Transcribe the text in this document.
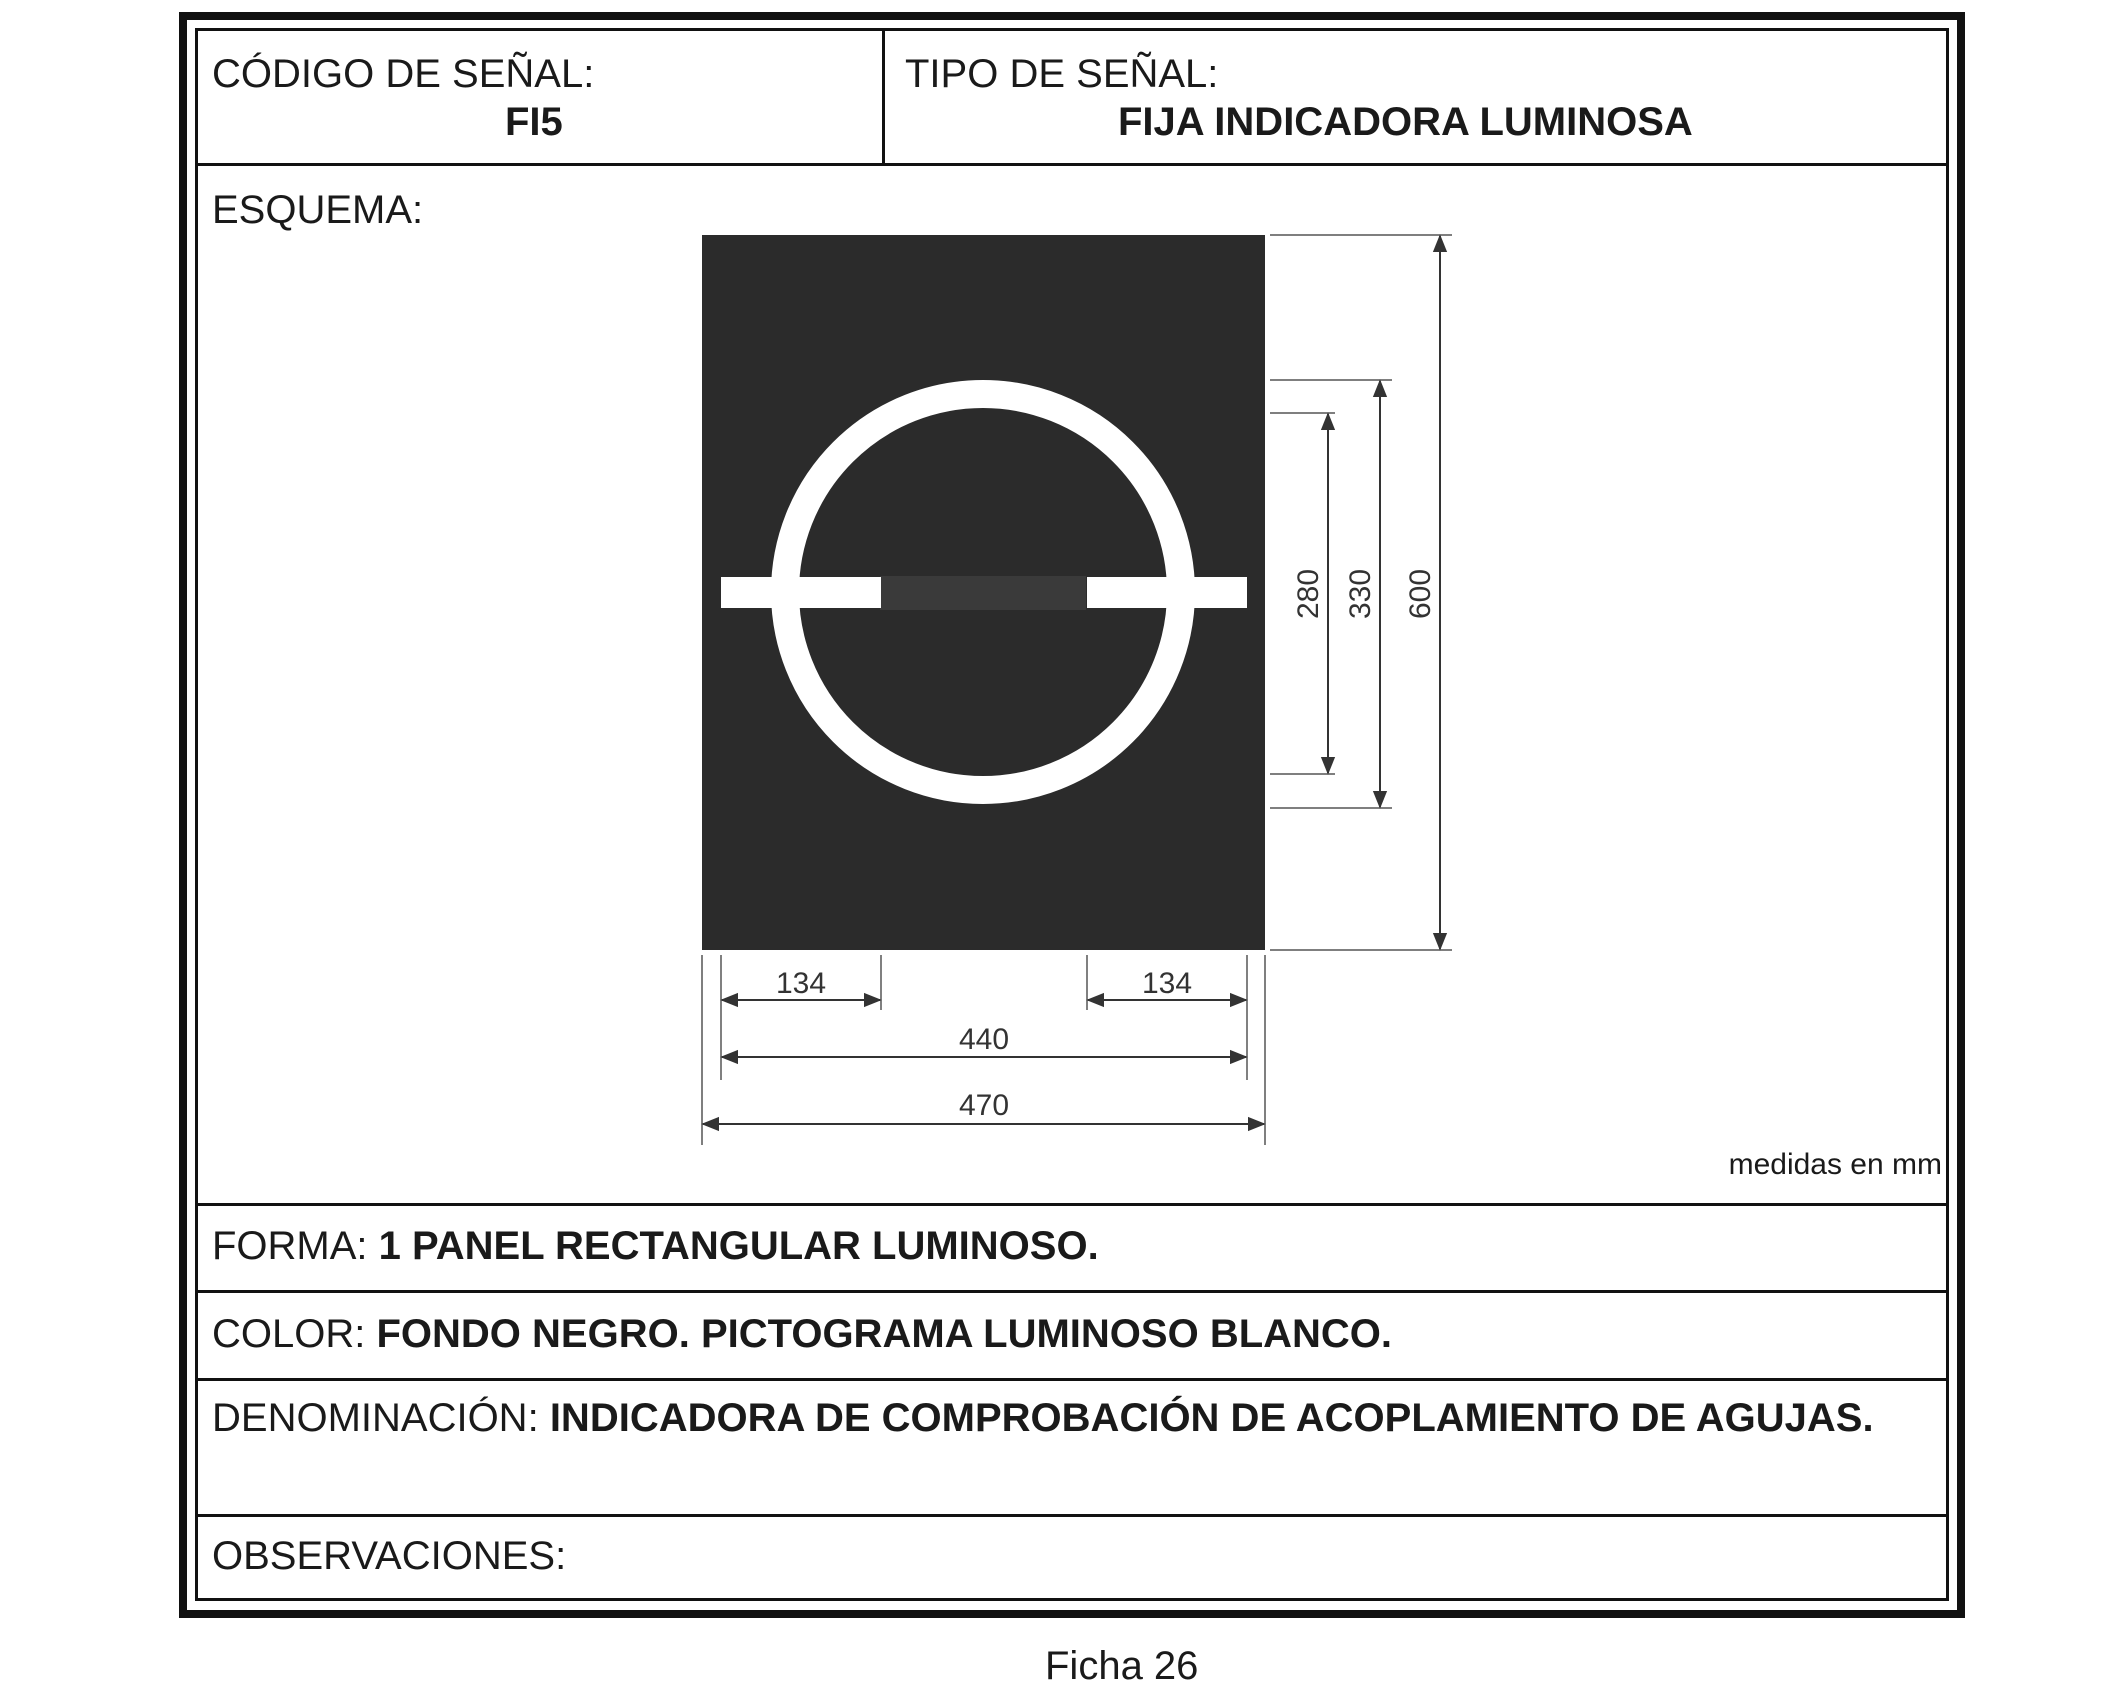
CÓDIGO DE SEÑAL:
FI5
TIPO DE SEÑAL:
FIJA INDICADORA LUMINOSA
ESQUEMA:
134	134
440
470
280 330 600
medidas en mm
FORMA: 1 PANEL RECTANGULAR LUMINOSO.
COLOR: FONDO NEGRO. PICTOGRAMA LUMINOSO BLANCO.
DENOMINACIÓN: INDICADORA DE COMPROBACIÓN DE ACOPLAMIENTO DE AGUJAS.
OBSERVACIONES:
Ficha 26
